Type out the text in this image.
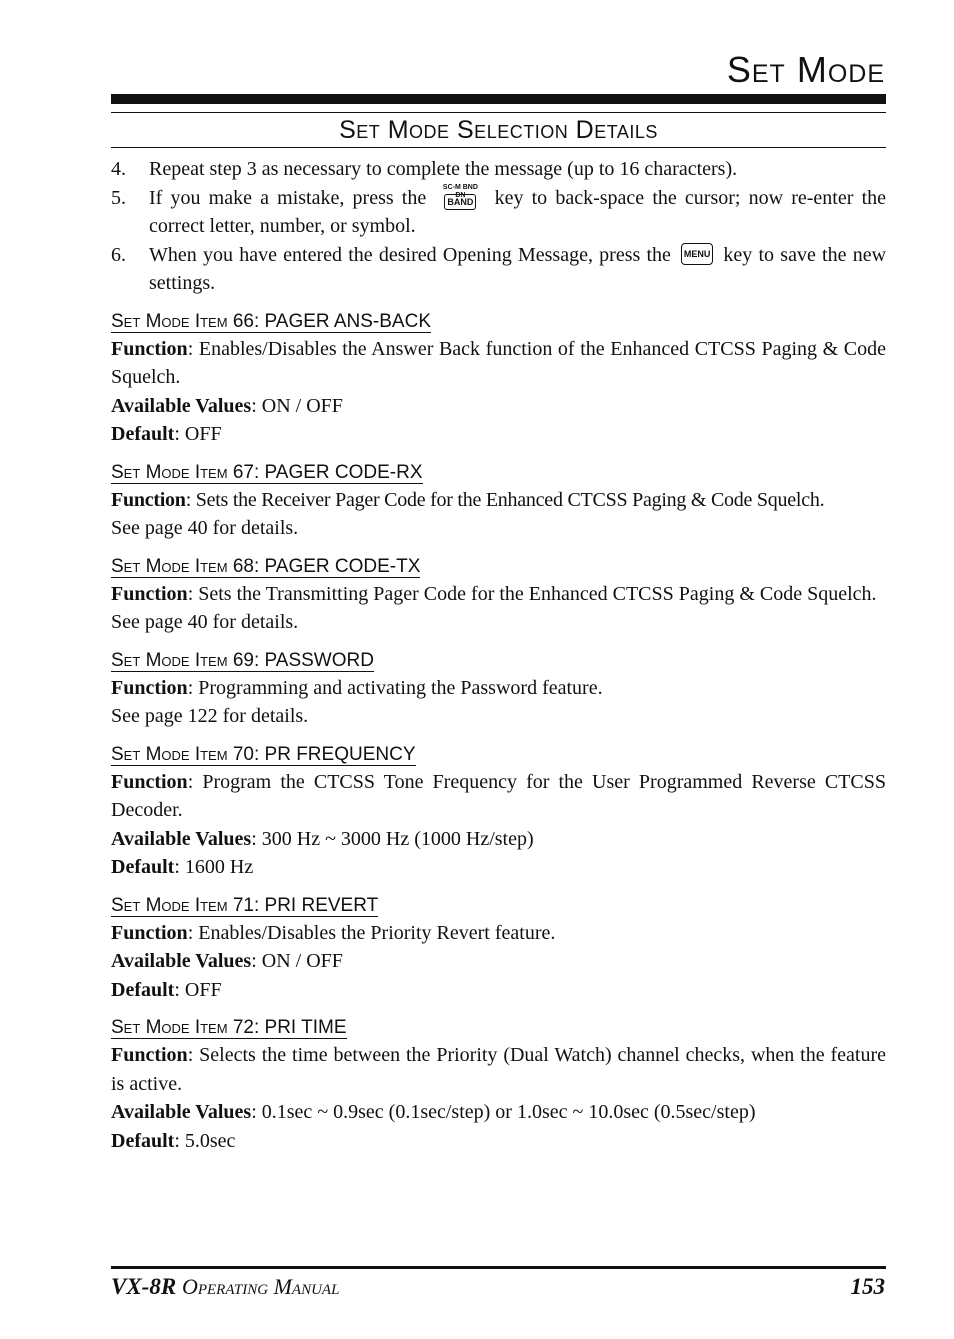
Set Mode
Set Mode Selection Details
4. Repeat step 3 as necessary to complete the message (up to 16 characters).
5. If you make a mistake, press the	SC-M BND DN
BAND key to back-space the cursor; now re-enter the correct letter, number, or symbol.
6. When you have entered the desired Opening Message, press the MENU key to save the new settings.
Set Mode Item 66: PAGER ANS-BACK
Function: Enables/Disables the Answer Back function of the Enhanced CTCSS Paging & Code Squelch.
Available Values: ON / OFF
Default: OFF
Set Mode Item 67: PAGER CODE-RX
Function: Sets the Receiver Pager Code for the Enhanced CTCSS Paging & Code Squelch.
See page 40 for details.
Set Mode Item 68: PAGER CODE-TX
Function: Sets the Transmitting Pager Code for the Enhanced CTCSS Paging & Code Squelch.
See page 40 for details.
Set Mode Item 69: PASSWORD
Function: Programming and activating the Password feature.
See page 122 for details.
Set Mode Item 70: PR FREQUENCY
Function: Program the CTCSS Tone Frequency for the User Programmed Reverse CTCSS Decoder.
Available Values: 300 Hz ~ 3000 Hz (1000 Hz/step)
Default: 1600 Hz
Set Mode Item 71: PRI REVERT
Function: Enables/Disables the Priority Revert feature.
Available Values: ON / OFF
Default: OFF
Set Mode Item 72: PRI TIME
Function: Selects the time between the Priority (Dual Watch) channel checks, when the feature is active.
Available Values: 0.1sec ~ 0.9sec (0.1sec/step) or 1.0sec ~ 10.0sec (0.5sec/step)
Default: 5.0sec
VX-8R Operating Manual	153
